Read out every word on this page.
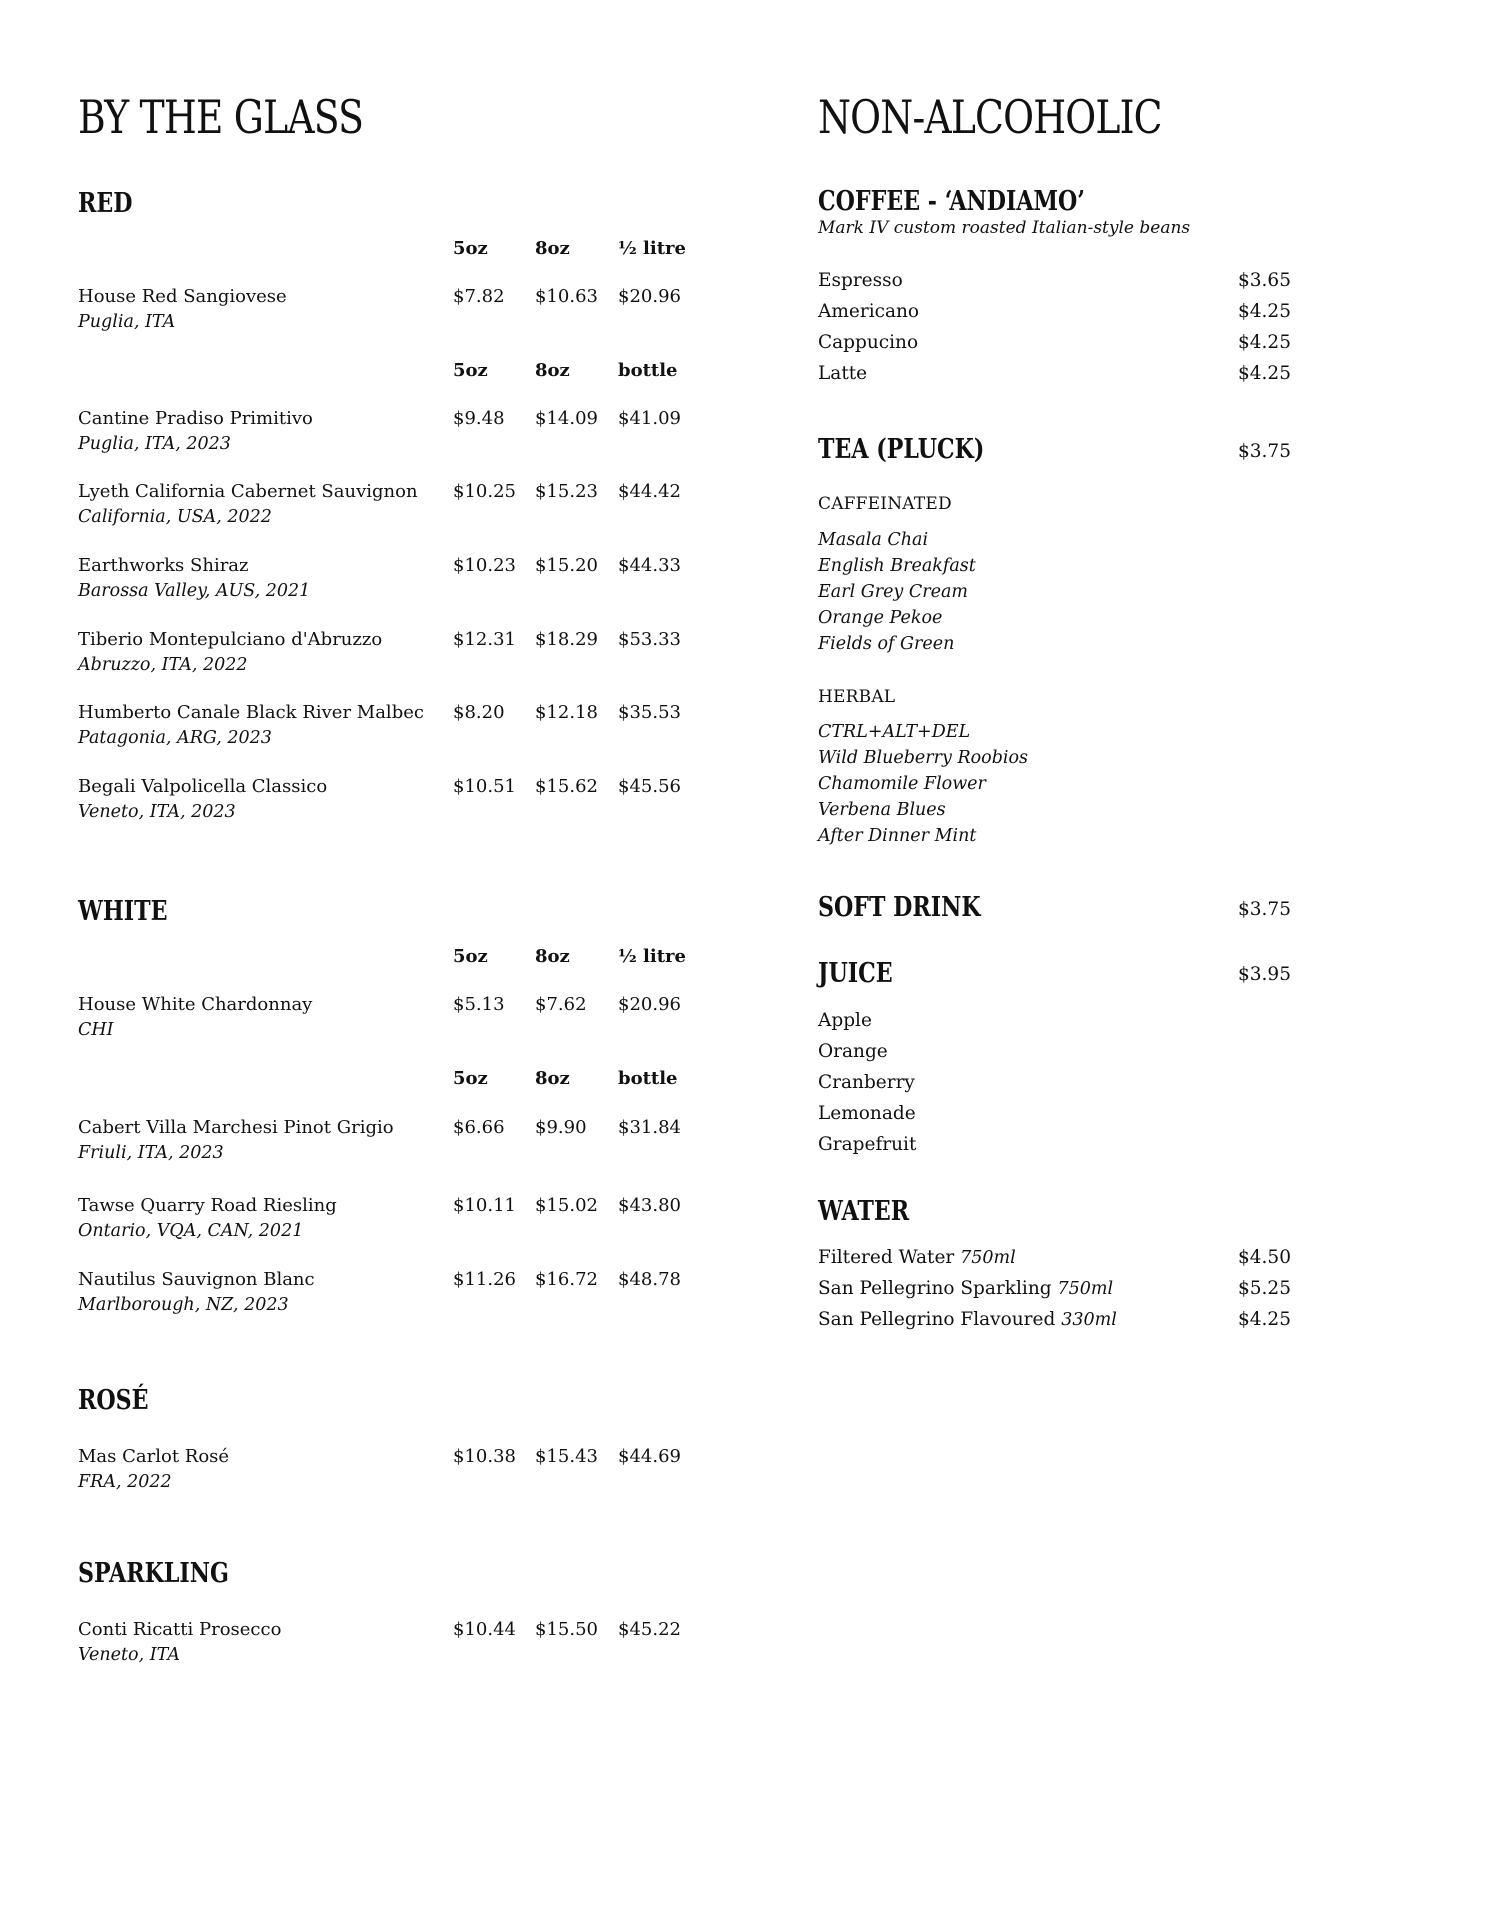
BY THE GLASS
RED
5oz	8oz	½ litre
House Red Sangiovese
Puglia, ITA
$7.82 $10.63 $20.96
5oz	8oz	bottle
Cantine Pradiso Primitivo
Puglia, ITA, 2023
$9.48 $14.09 $41.09
Lyeth California Cabernet Sauvignon
California, USA, 2022
$10.25 $15.23 $44.42
Earthworks Shiraz
Barossa Valley, AUS, 2021
$10.23 $15.20 $44.33
Tiberio Montepulciano d'Abruzzo
Abruzzo, ITA, 2022
$12.31 $18.29 $53.33
Humberto Canale Black River Malbec
Patagonia, ARG, 2023
$8.20 $12.18 $35.53
Begali Valpolicella Classico
Veneto, ITA, 2023
$10.51 $15.62 $45.56
WHITE
5oz	8oz	½ litre
House White Chardonnay
CHI
$5.13 $7.62 $20.96
5oz	8oz	bottle
Cabert Villa Marchesi Pinot Grigio
Friuli, ITA, 2023
$6.66 $9.90 $31.84
Tawse Quarry Road Riesling
Ontario, VQA, CAN, 2021
$10.11 $15.02 $43.80
Nautilus Sauvignon Blanc
Marlborough, NZ, 2023
$11.26 $16.72 $48.78
ROSÉ
Mas Carlot Rosé
FRA, 2022
$10.38 $15.43 $44.69
SPARKLING
Conti Ricatti Prosecco
Veneto, ITA
$10.44 $15.50 $45.22
NON-ALCOHOLIC
COFFEE - ‘ANDIAMO’
Mark IV custom roasted Italian-style beans
Espresso	$3.65
Americano	$4.25
Cappucino	$4.25
Latte	$4.25
TEA (PLUCK)	$3.75
CAFFEINATED
Masala Chai
English Breakfast
Earl Grey Cream
Orange Pekoe
Fields of Green
HERBAL
CTRL+ALT+DEL
Wild Blueberry Roobios
Chamomile Flower
Verbena Blues
After Dinner Mint
SOFT DRINK	$3.75
JUICE	$3.95
Apple
Orange
Cranberry
Lemonade
Grapefruit
WATER
Filtered Water 750ml	$4.50
San Pellegrino Sparkling 750ml	$5.25
San Pellegrino Flavoured 330ml	$4.25
